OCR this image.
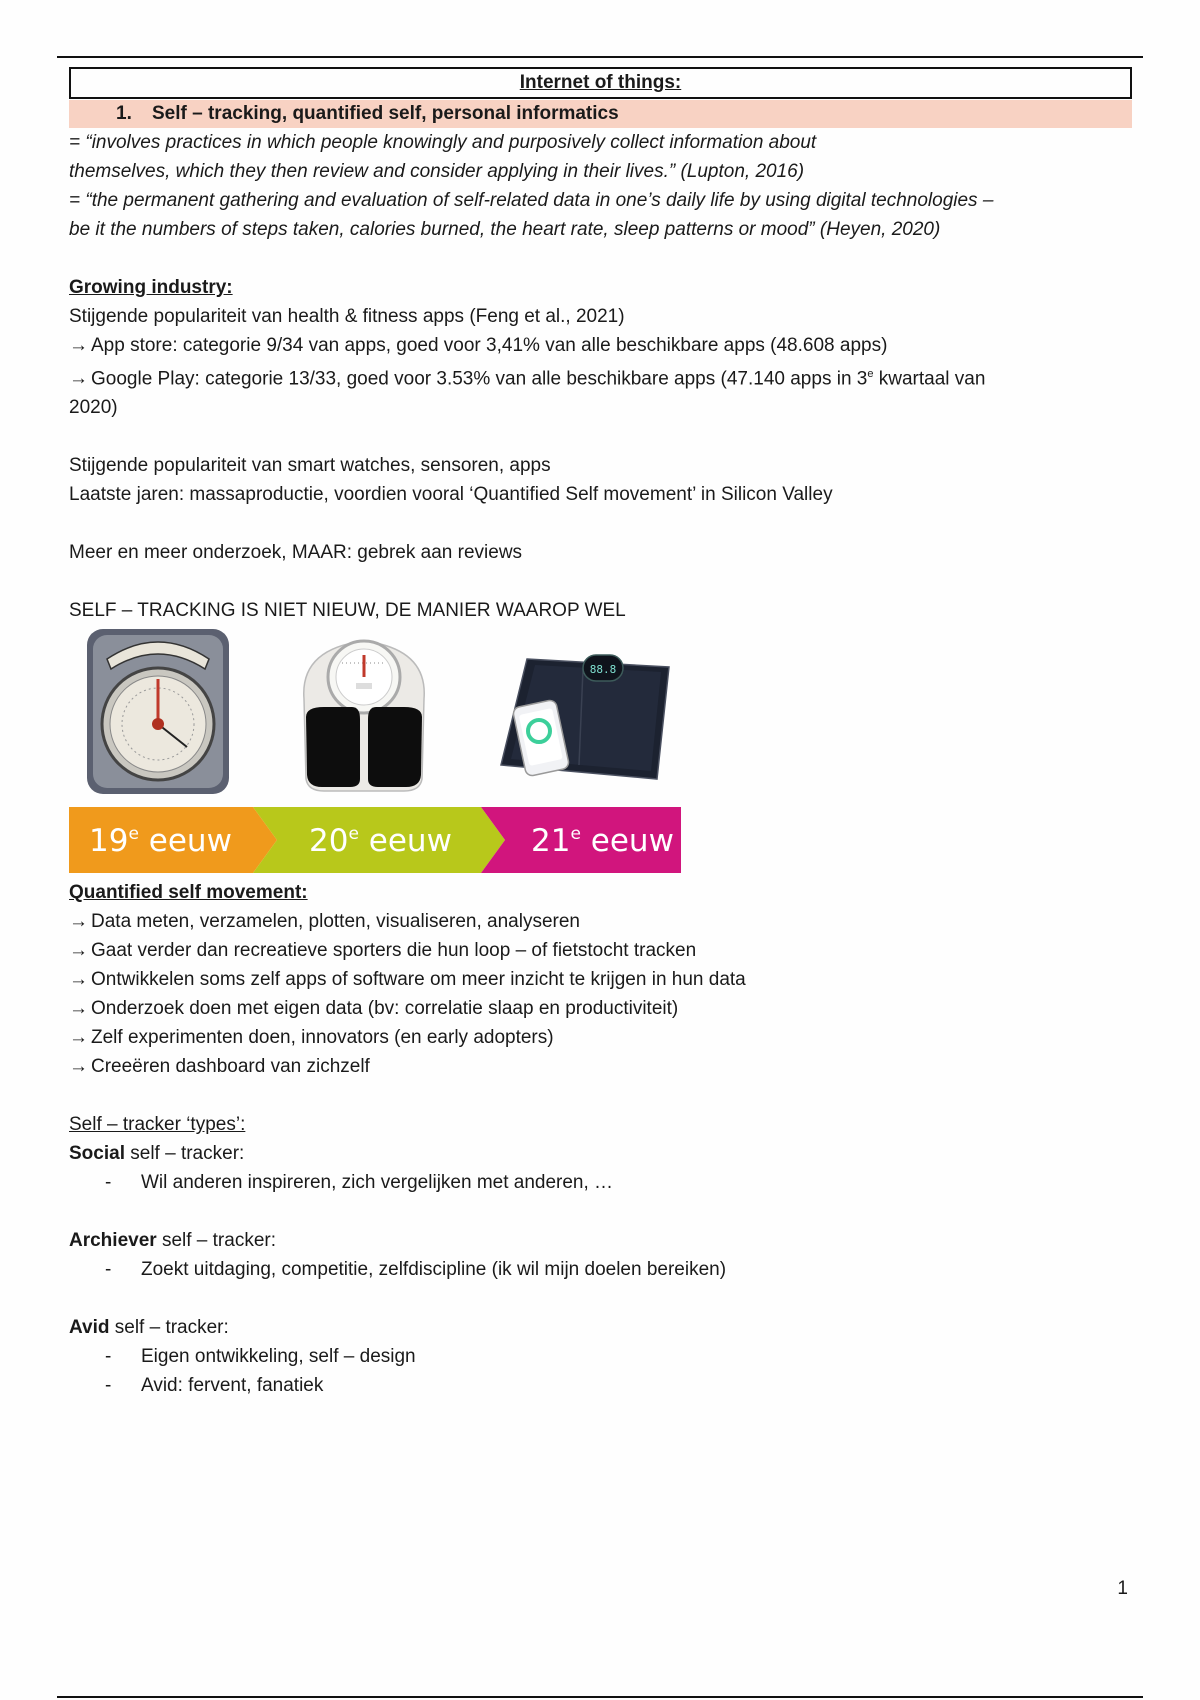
Internet of things:
1. Self – tracking, quantified self, personal informatics
= “involves practices in which people knowingly and purposively collect information about
themselves, which they then review and consider applying in their lives.” (Lupton, 2016)
= “the permanent gathering and evaluation of self-related data in one’s daily life by using digital technologies –
be it the numbers of steps taken, calories burned, the heart rate, sleep patterns or mood” (Heyen, 2020)
Growing industry:
Stijgende populariteit van health & fitness apps (Feng et al., 2021)
→ App store: categorie 9/34 van apps, goed voor 3,41% van alle beschikbare apps (48.608 apps)
→ Google Play: categorie 13/33, goed voor 3.53% van alle beschikbare apps (47.140 apps in 3e kwartaal van
2020)
Stijgende populariteit van smart watches, sensoren, apps
Laatste jaren: massaproductie, voordien vooral ‘Quantified Self movement’ in Silicon Valley
Meer en meer onderzoek, MAAR: gebrek aan reviews
SELF – TRACKING IS NIET NIEUW, DE MANIER WAAROP WEL
88.8
19e eeuw 20e eeuw	21e eeuw
Quantified self movement:
→ Data meten, verzamelen, plotten, visualiseren, analyseren
→ Gaat verder dan recreatieve sporters die hun loop – of fietstocht tracken
→ Ontwikkelen soms zelf apps of software om meer inzicht te krijgen in hun data
→ Onderzoek doen met eigen data (bv: correlatie slaap en productiviteit)
→ Zelf experimenten doen, innovators (en early adopters)
→ Creeëren dashboard van zichzelf
Self – tracker ‘types’:
Social self – tracker:
- Wil anderen inspireren, zich vergelijken met anderen, …
Archiever self – tracker:
- Zoekt uitdaging, competitie, zelfdiscipline (ik wil mijn doelen bereiken)
Avid self – tracker:
- Eigen ontwikkeling, self – design
- Avid: fervent, fanatiek
1
